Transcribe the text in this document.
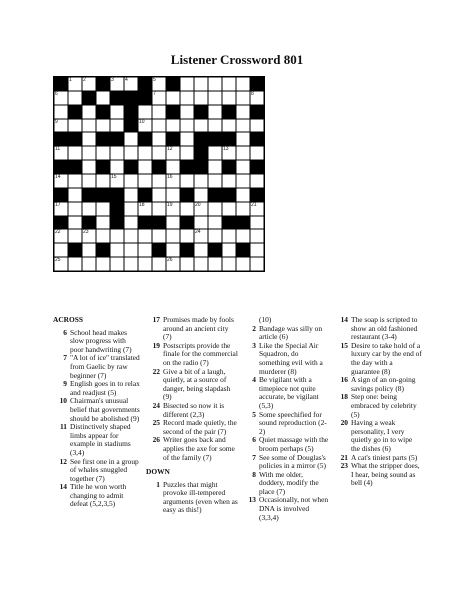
Listener Crossword 801
1 2	3 4	5
6	7	8
9	10
11	12	13
14	15	16
17	18	19	20	21
22	23	24
25	26

ACROSS

6 School head makes slow progress with poor handwriting (7)

7 "A lot of ice" translated from Gaelic by raw beginner (7)

9 English goes in to relax and readjust (5)

10 Chairman's unusual belief that governments should be abolished (9)

11 Distinctively shaped limbs appear for example in stadiums (3,4)

12 See first one in a group of whales snuggled together (7)

14 Title he won worth changing to admit defeat (5,2,3,5)

17 Promises made by fools around an ancient city (7)

19 Postscripts provide the finale for the commercial on the radio (7)

22 Give a bit of a laugh, quietly, at a source of danger, being slapdash (9)

24 Bisected so now it is different (2,3)

25 Record made quietly, the second of the pair (7)

26 Writer goes back and applies the axe for some of the family (7)

DOWN

1 Puzzles that might provoke ill-tempered arguments (even when as easy as this!)

(10)

2 Bandage was silly on article (6)

3 Like the Special Air Squadron, do something evil with a murderer (8)

4 Be vigilant with a timepiece not quite accurate, be vigilant (5,3)

5 Some speechified for sound reproduction (2-2)

6 Quiet massage with the broom perhaps (5)

7 See some of Douglas's policies in a mirror (5)

8 With me older, doddery, modify the place (7)

13 Occasionally, not when DNA is involved (3,3,4)

14 The soap is scripted to show an old fashioned restaurant (3-4)

15 Desire to take hold of a luxury car by the end of the day with a guarantee (8)

16 A sign of an on-going savings policy (8)

18 Step one: being embraced by celebrity (5)

20 Having a weak personality, I very quietly go in to wipe the dishes (6)

21 A cat's tiniest parts (5)

23 What the stripper does, I hear, being sound as bell (4)
